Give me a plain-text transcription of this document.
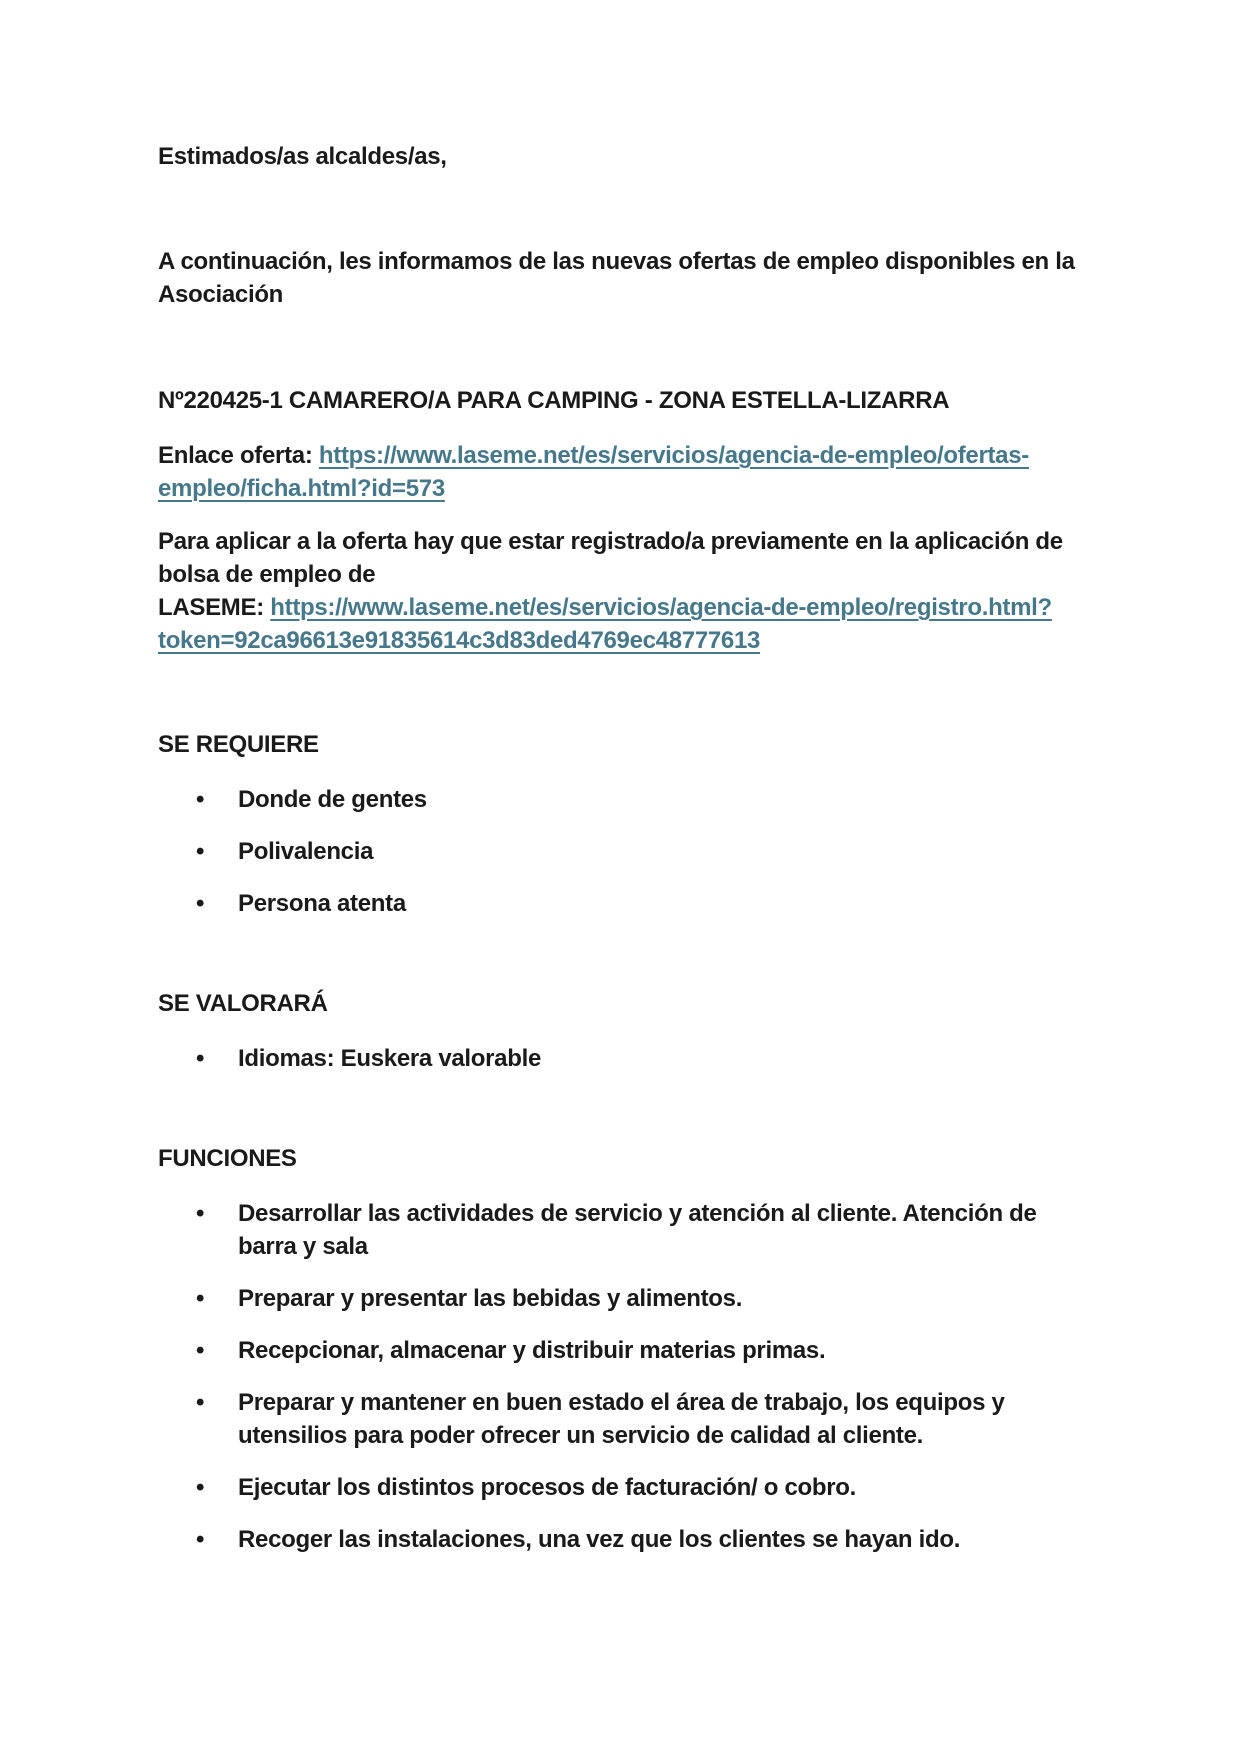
Estimados/as alcaldes/as,

A continuación, les informamos de las nuevas ofertas de empleo disponibles en la Asociación

Nº220425-1 CAMARERO/A PARA CAMPING - ZONA ESTELLA-LIZARRA

Enlace oferta: https://www.laseme.net/es/servicios/agencia-de-empleo/ofertas-empleo/ficha.html?id=573

Para aplicar a la oferta hay que estar registrado/a previamente en la aplicación de bolsa de empleo de
LASEME: https://www.laseme.net/es/servicios/agencia-de-empleo/registro.html?token=92ca96613e91835614c3d83ded4769ec48777613

SE REQUIERE
• Donde de gentes
• Polivalencia
• Persona atenta
SE VALORARÁ
• Idiomas: Euskera valorable
FUNCIONES
• Desarrollar las actividades de servicio y atención al cliente. Atención de barra y sala
• Preparar y presentar las bebidas y alimentos.
• Recepcionar, almacenar y distribuir materias primas.
• Preparar y mantener en buen estado el área de trabajo, los equipos y utensilios para poder ofrecer un servicio de calidad al cliente.
• Ejecutar los distintos procesos de facturación/ o cobro.
• Recoger las instalaciones, una vez que los clientes se hayan ido.
